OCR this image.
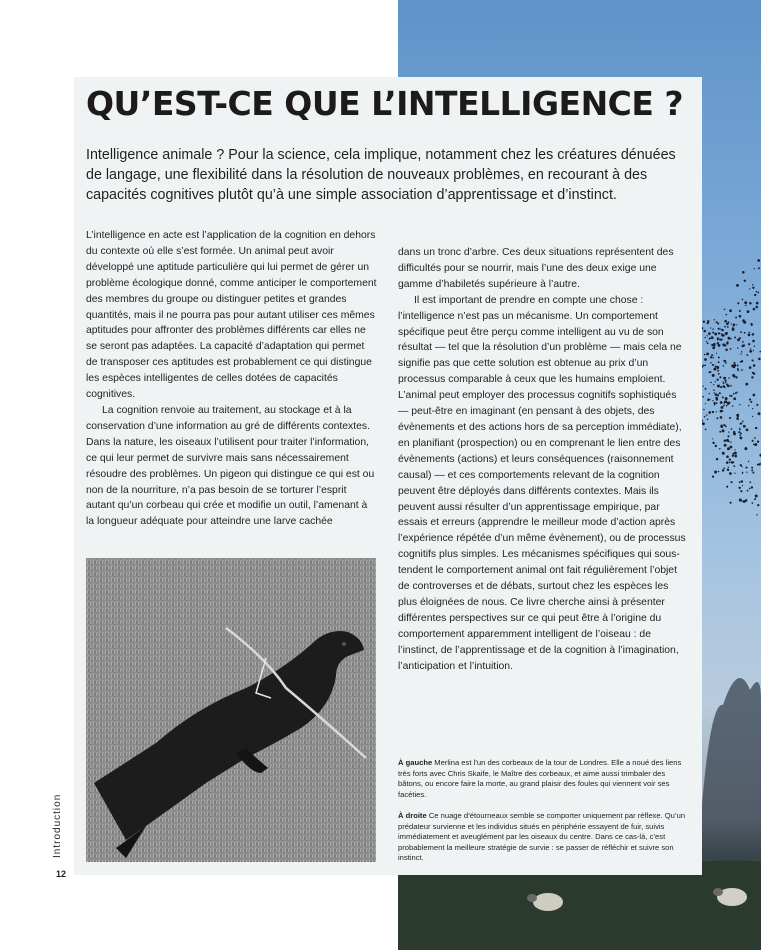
QU’EST-CE QUE L’INTELLIGENCE ?

Intelligence animale ? Pour la science, cela implique, notamment chez les créatures dénuées de langage, une flexibilité dans la résolution de nouveaux problèmes, en recourant à des capacités cognitives plutôt qu’à une simple association d’apprentissage et d’instinct.

L’intelligence en acte est l’application de la cognition en dehors du contexte où elle s’est formée. Un animal peut avoir développé une aptitude particulière qui lui permet de gérer un problème écologique donné, comme anticiper le comportement des membres du groupe ou distinguer petites et grandes quantités, mais il ne pourra pas pour autant utiliser ces mêmes aptitudes pour affronter des problèmes différents car elles ne se seront pas adaptées. La capacité d’adaptation qui permet de transposer ces aptitudes est probablement ce qui distingue les espèces intelligentes de celles dotées de capacités cognitives.

La cognition renvoie au traitement, au stockage et à la conservation d’une information au gré de différents contextes. Dans la nature, les oiseaux l’utilisent pour traiter l’information, ce qui leur permet de survivre mais sans nécessairement résoudre des problèmes. Un pigeon qui distingue ce qui est ou non de la nourriture, n’a pas besoin de se torturer l’esprit autant qu’un corbeau qui crée et modifie un outil, l’amenant à la longueur adéquate pour atteindre une larve cachée

dans un tronc d’arbre. Ces deux situations représentent des difficultés pour se nourrir, mais l’une des deux exige une gamme d’habiletés supérieure à l’autre.

Il est important de prendre en compte une chose : l’intelligence n’est pas un mécanisme. Un comportement spécifique peut être perçu comme intelligent au vu de son résultat — tel que la résolution d’un problème — mais cela ne signifie pas que cette solution est obtenue au prix d’un processus comparable à ceux que les humains emploient. L’animal peut employer des processus cognitifs sophistiqués — peut-être en imaginant (en pensant à des objets, des évènements et des actions hors de sa perception immédiate), en planifiant (prospection) ou en comprenant le lien entre des évènements (actions) et leurs conséquences (raisonnement causal) — et ces comportements relevant de la cognition peuvent être déployés dans différents contextes. Mais ils peuvent aussi résulter d’un apprentissage empirique, par essais et erreurs (apprendre le meilleur mode d’action après l’expérience répétée d’un même évènement), ou de processus cognitifs plus simples. Les mécanismes spécifiques qui sous-tendent le comportement animal ont fait régulièrement l’objet de controverses et de débats, surtout chez les espèces les plus éloignées de nous. Ce livre cherche ainsi à présenter différentes perspectives sur ce qui peut être à l’origine du comportement apparemment intelligent de l’oiseau : de l’instinct, de l’apprentissage et de la cognition à l’imagination, l’anticipation et l’intuition.

À gauche Merlina est l’un des corbeaux de la tour de Londres. Elle a noué des liens très forts avec Chris Skaife, le Maître des corbeaux, et aime aussi trimbaler des bâtons, ou encore faire la morte, au grand plaisir des foules qui viennent voir ses facéties.

À droite Ce nuage d’étourneaux semble se comporter uniquement par réflexe. Qu’un prédateur survienne et les individus situés en périphérie essayent de fuir, suivis immédiatement et aveuglément par les oiseaux du centre. Dans ce cas-là, c’est probablement la meilleure stratégie de survie : se passer de réfléchir et suivre son instinct.

Introduction
12
